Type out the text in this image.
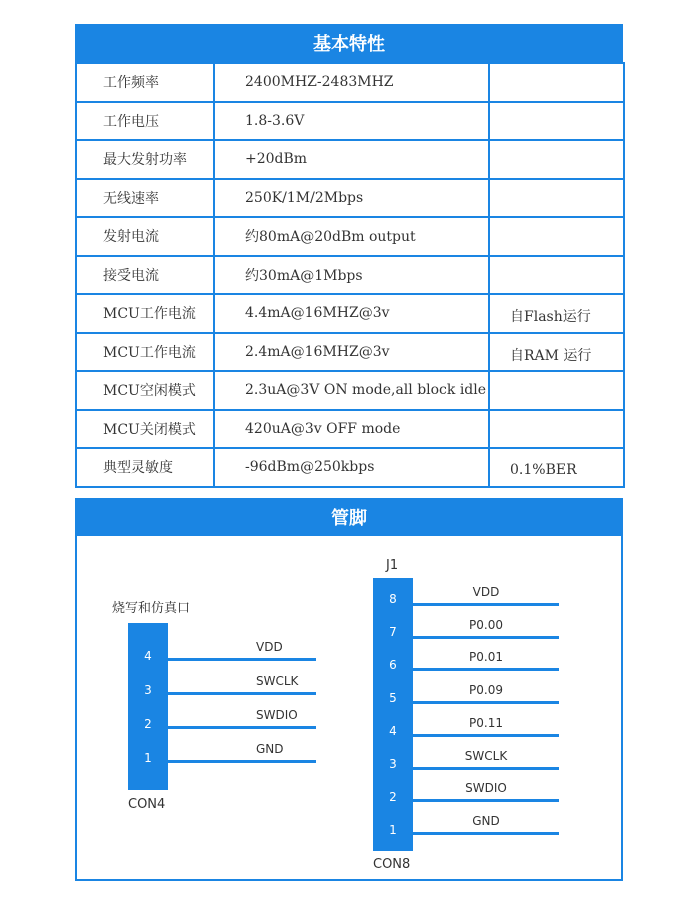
基本特性
工作频率	2400MHZ-2483MHZ	
工作电压	1.8-3.6V	
最大发射功率	+20dBm	
无线速率	250K/1M/2Mbps	
发射电流	约80mA@20dBm output	
接受电流	约30mA@1Mbps	
MCU工作电流	4.4mA@16MHZ@3v	自Flash运行
MCU工作电流	2.4mA@16MHZ@3v	自RAM 运行
MCU空闲模式	2.3uA@3V ON mode,all block idle	
MCU关闭模式	420uA@3v OFF mode	
典型灵敏度	-96dBm@250kbps	0.1%BER
管脚
烧写和仿真口
4
VDD
3
SWCLK
2
SWDIO
1
GND
CON4
J1
8	VDD
7
P0.00
6
P0.01
5
P0.09
4
P0.11
3
SWCLK
2
SWDIO
1
GND
CON8
